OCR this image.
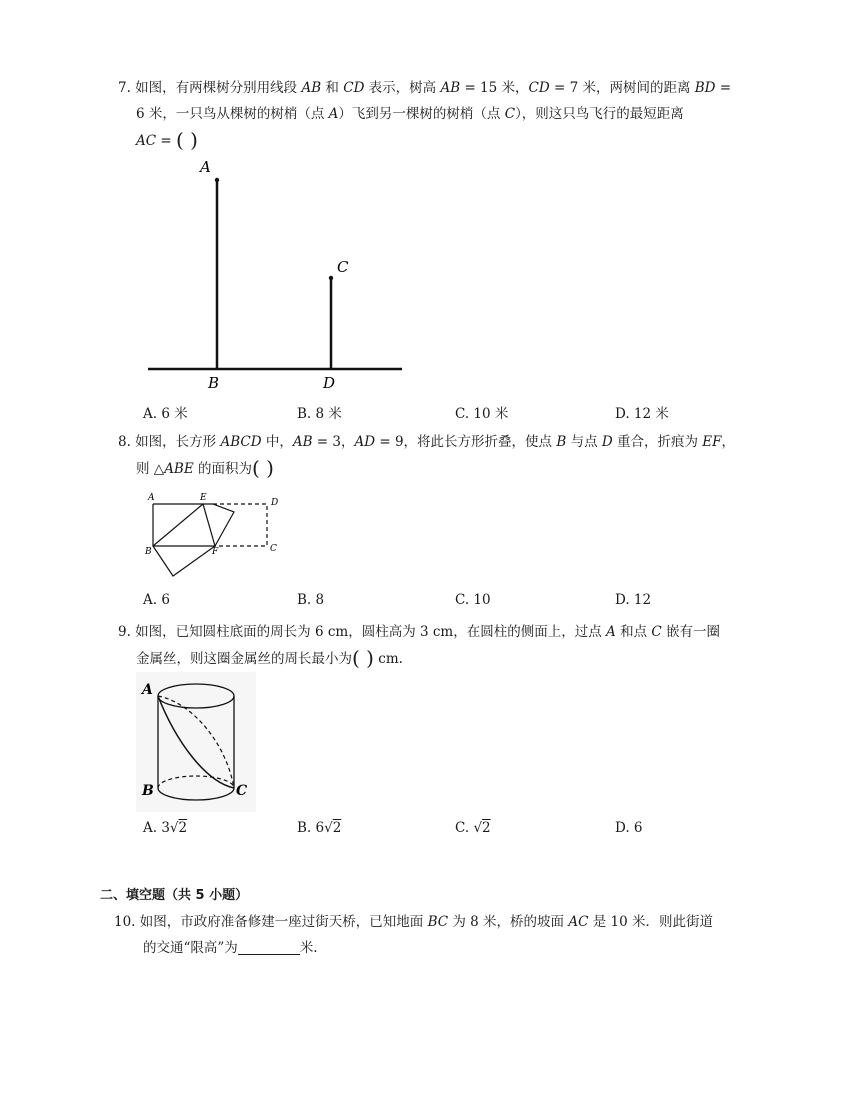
7. 如图，有两棵树分别用线段 AB 和 CD 表示，树高 AB = 15 米，CD = 7 米，两树间的距离 BD =
6 米，一只鸟从棵树的树梢（点 A）飞到另一棵树的树梢（点 C），则这只鸟飞行的最短距离
AC = ( )
A
C
B	D
A. 6 米	B. 8 米	C. 10 米	D. 12 米
8. 如图，长方形 ABCD 中，AB = 3，AD = 9，将此长方形折叠，使点 B 与点 D 重合，折痕为 EF，
则 △ABE 的面积为( )
A	E	D
B	F	C
A. 6	B. 8	C. 10	D. 12
9. 如图，已知圆柱底面的周长为 6 cm，圆柱高为 3 cm，在圆柱的侧面上，过点 A 和点 C 嵌有一圈
金属丝，则这圈金属丝的周长最小为( ) cm.
A
B	C
A. 3√2	B. 6√2	C. √2	D. 6
二、填空题（共 5 小题）
10. 如图，市政府准备修建一座过街天桥，已知地面 BC 为 8 米，桥的坡面 AC 是 10 米．则此街道
的交通“限高”为	米.
